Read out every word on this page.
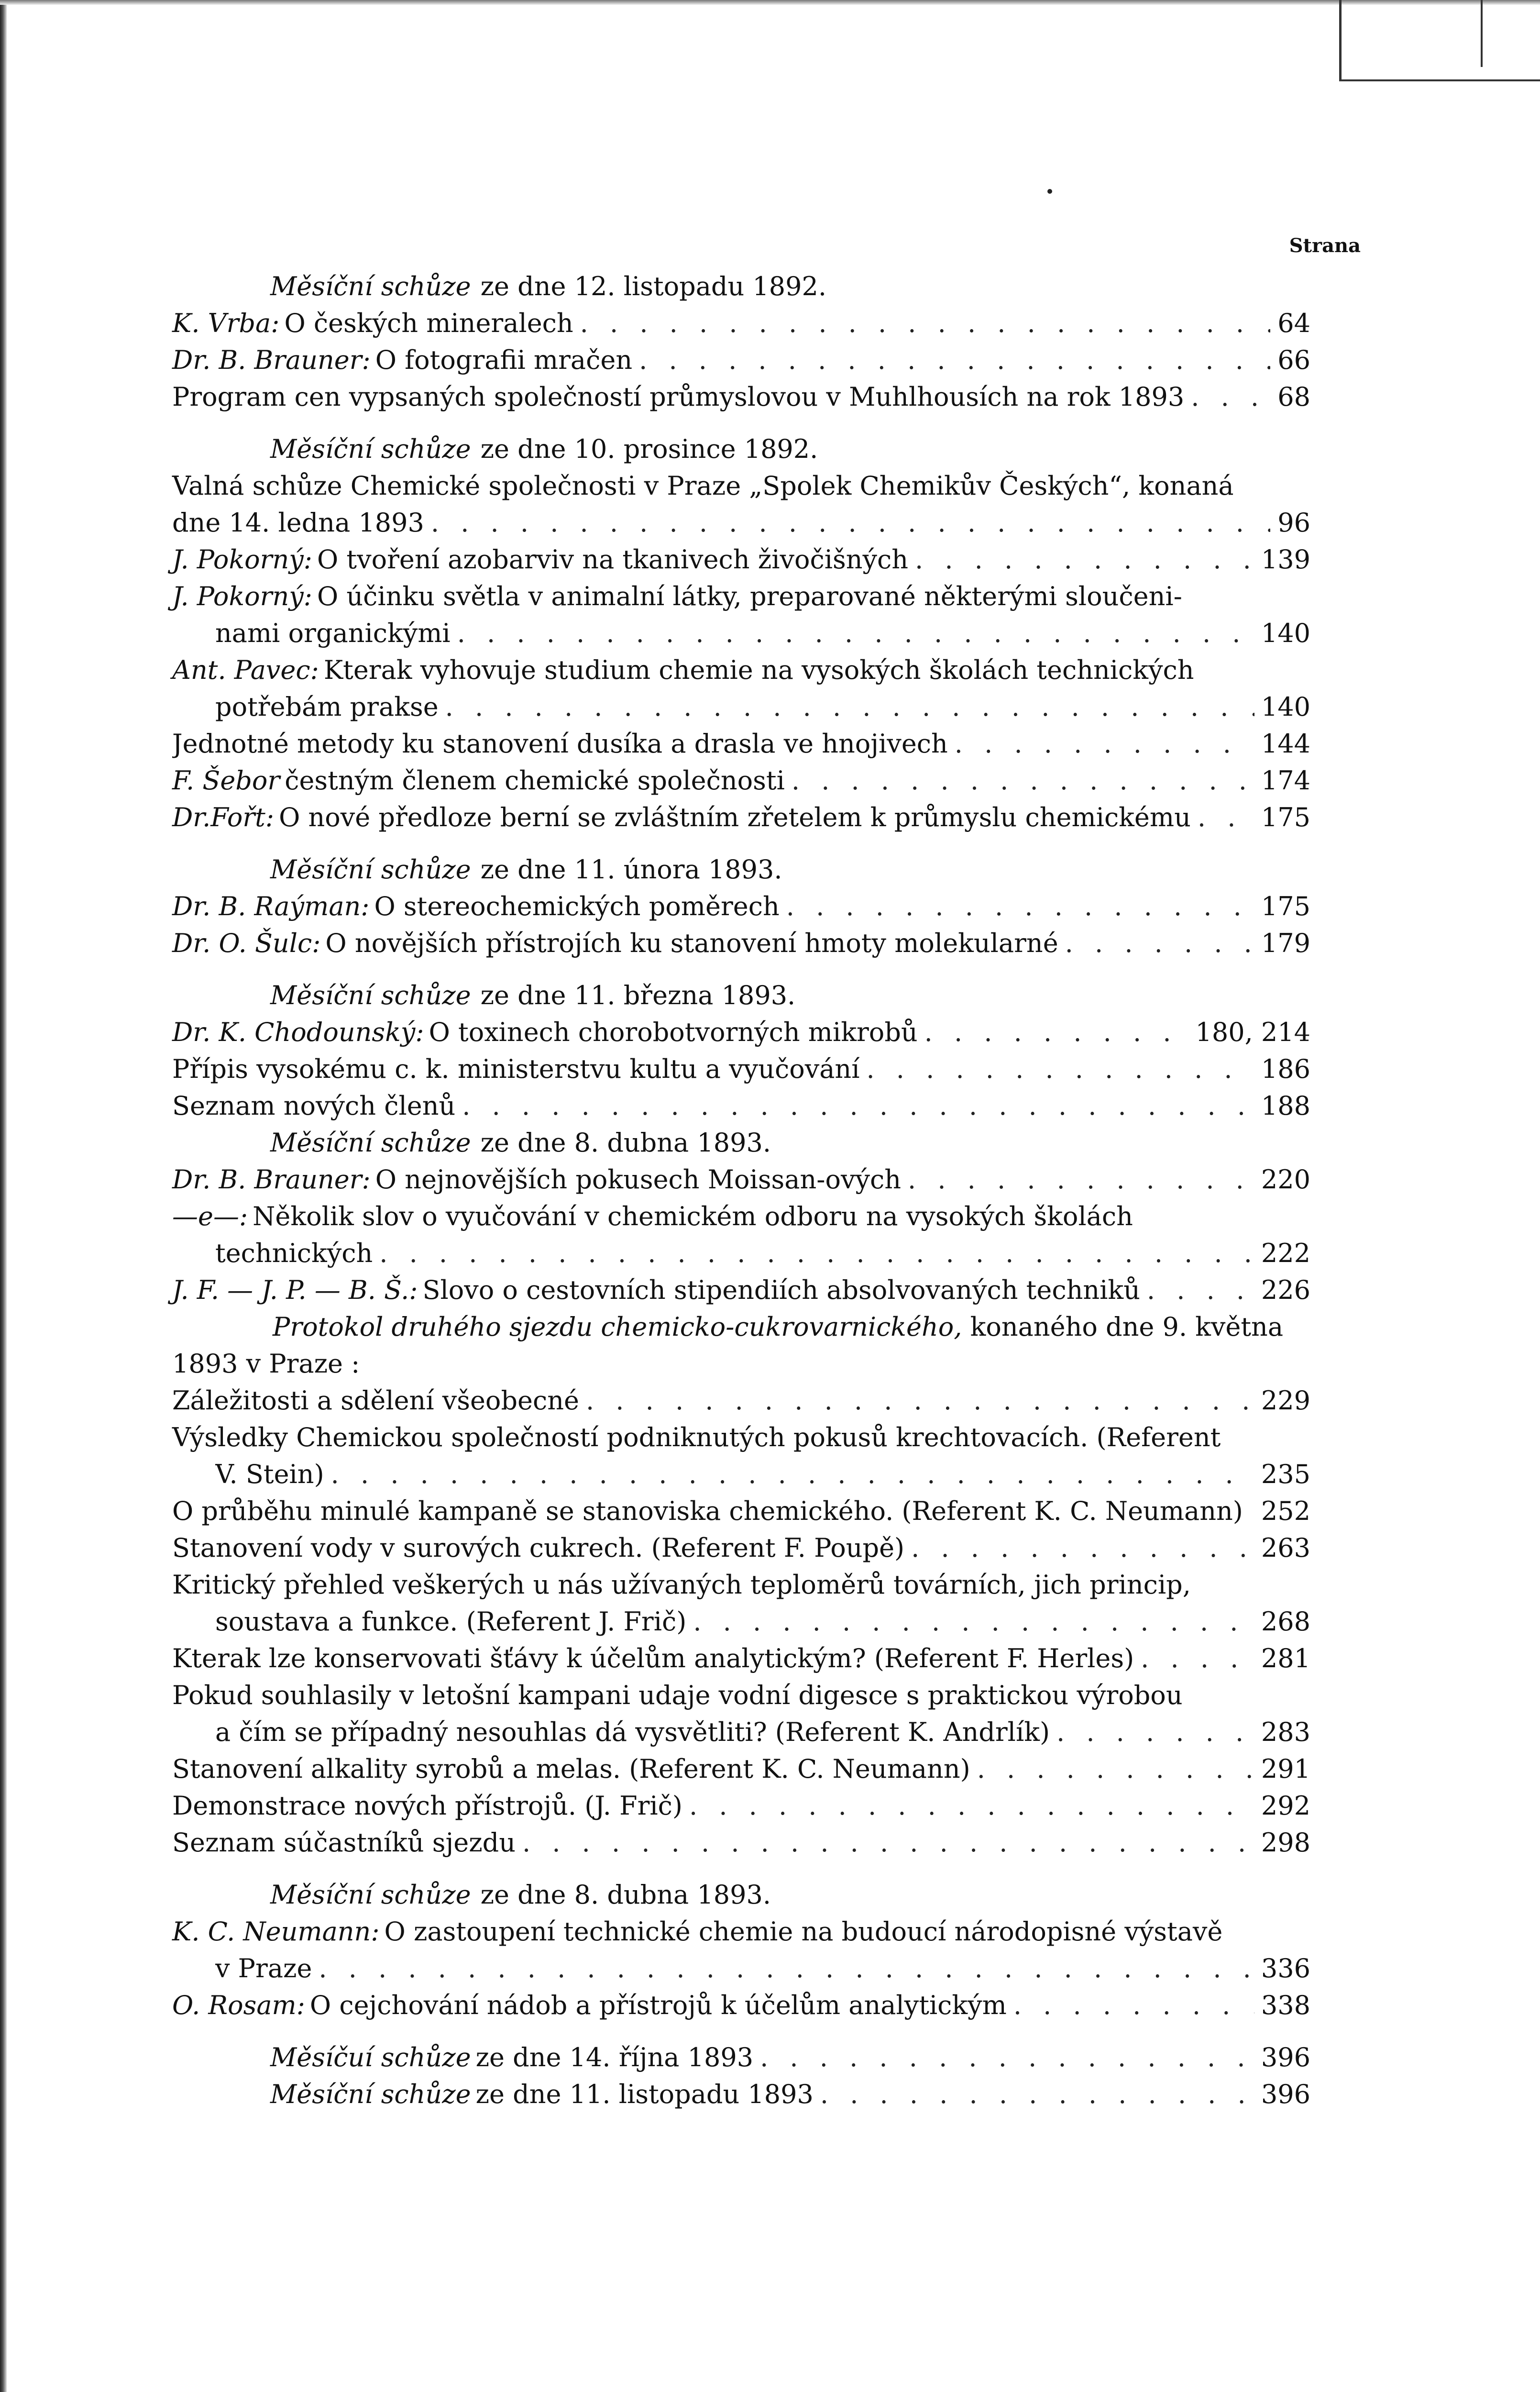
Strana
Měsíční schůze ze dne 12. listopadu 1892.
K. Vrba: O českých mineralech . . .	64
Dr. B. Brauner: O fotografii mračen . . .	66
Program cen vypsaných společností průmyslovou v Muhlhousích na rok 1893 . . .	68
Měsíční schůze ze dne 10. prosince 1892.
Valná schůze Chemické společnosti v Praze „Spolek Chemikův Českých“, konaná
dne 14. ledna 1893 . . .	96
J. Pokorný: O tvoření azobarviv na tkanivech živočišných . . .	139
J. Pokorný: O účinku světla v animalní látky, preparované některými sloučeni-
nami organickými . . .	140
Ant. Pavec: Kterak vyhovuje studium chemie na vysokých školách technických
potřebám prakse . . .	140
Jednotné metody ku stanovení dusíka a drasla ve hnojivech . . .	144
F. Šebor čestným členem chemické společnosti . . .	174
Dr.Fořt: O nové předloze berní se zvláštním zřetelem k průmyslu chemickému . . .	175
Měsíční schůze ze dne 11. února 1893.
Dr. B. Raýman: O stereochemických poměrech . . .	175
Dr. O. Šulc: O novějších přístrojích ku stanovení hmoty molekularné . . .	179
Měsíční schůze ze dne 11. března 1893.
Dr. K. Chodounský: O toxinech chorobotvorných mikrobů . . .	180, 214
Přípis vysokému c. k. ministerstvu kultu a vyučování . . .	186
Seznam nových členů . . .	188
Měsíční schůze ze dne 8. dubna 1893.
Dr. B. Brauner: O nejnovějších pokusech Moissan-ových . . .	220
—e—: Několik slov o vyučování v chemickém odboru na vysokých školách
technických . . .	222
J. F. — J. P. — B. Š.: Slovo o cestovních stipendiích absolvovaných techniků . . .	226
Protokol druhého sjezdu chemicko-cukrovarnického, konaného dne 9. května
1893 v Praze :
Záležitosti a sdělení všeobecné . . .	229
Výsledky Chemickou společností podniknutých pokusů krechtovacích. (Referent
V. Stein) . . .	235
O průběhu minulé kampaně se stanoviska chemického. (Referent K. C. Neumann) 252
Stanovení vody v surových cukrech. (Referent F. Poupě) . . .	263
Kritický přehled veškerých u nás užívaných teploměrů továrních, jich princip,
soustava a funkce. (Referent J. Frič) . . .	268
Kterak lze konservovati šťávy k účelům analytickým? (Referent F. Herles) . . .	281
Pokud souhlasily v letošní kampani udaje vodní digesce s praktickou výrobou
a čím se případný nesouhlas dá vysvětliti? (Referent K. Andrlík) . . .	283
Stanovení alkality syrobů a melas. (Referent K. C. Neumann) . . .	291
Demonstrace nových přístrojů. (J. Frič) . . .	292
Seznam súčastníků sjezdu . . .	298
Měsíční schůze ze dne 8. dubna 1893.
K. C. Neumann: O zastoupení technické chemie na budoucí národopisné výstavě
v Praze . . .	336
O. Rosam: O cejchování nádob a přístrojů k účelům analytickým . . .	338
Měsíčuí schůze ze dne 14. října 1893 . . .	396
Měsíční schůze ze dne 11. listopadu 1893 . . .	396
